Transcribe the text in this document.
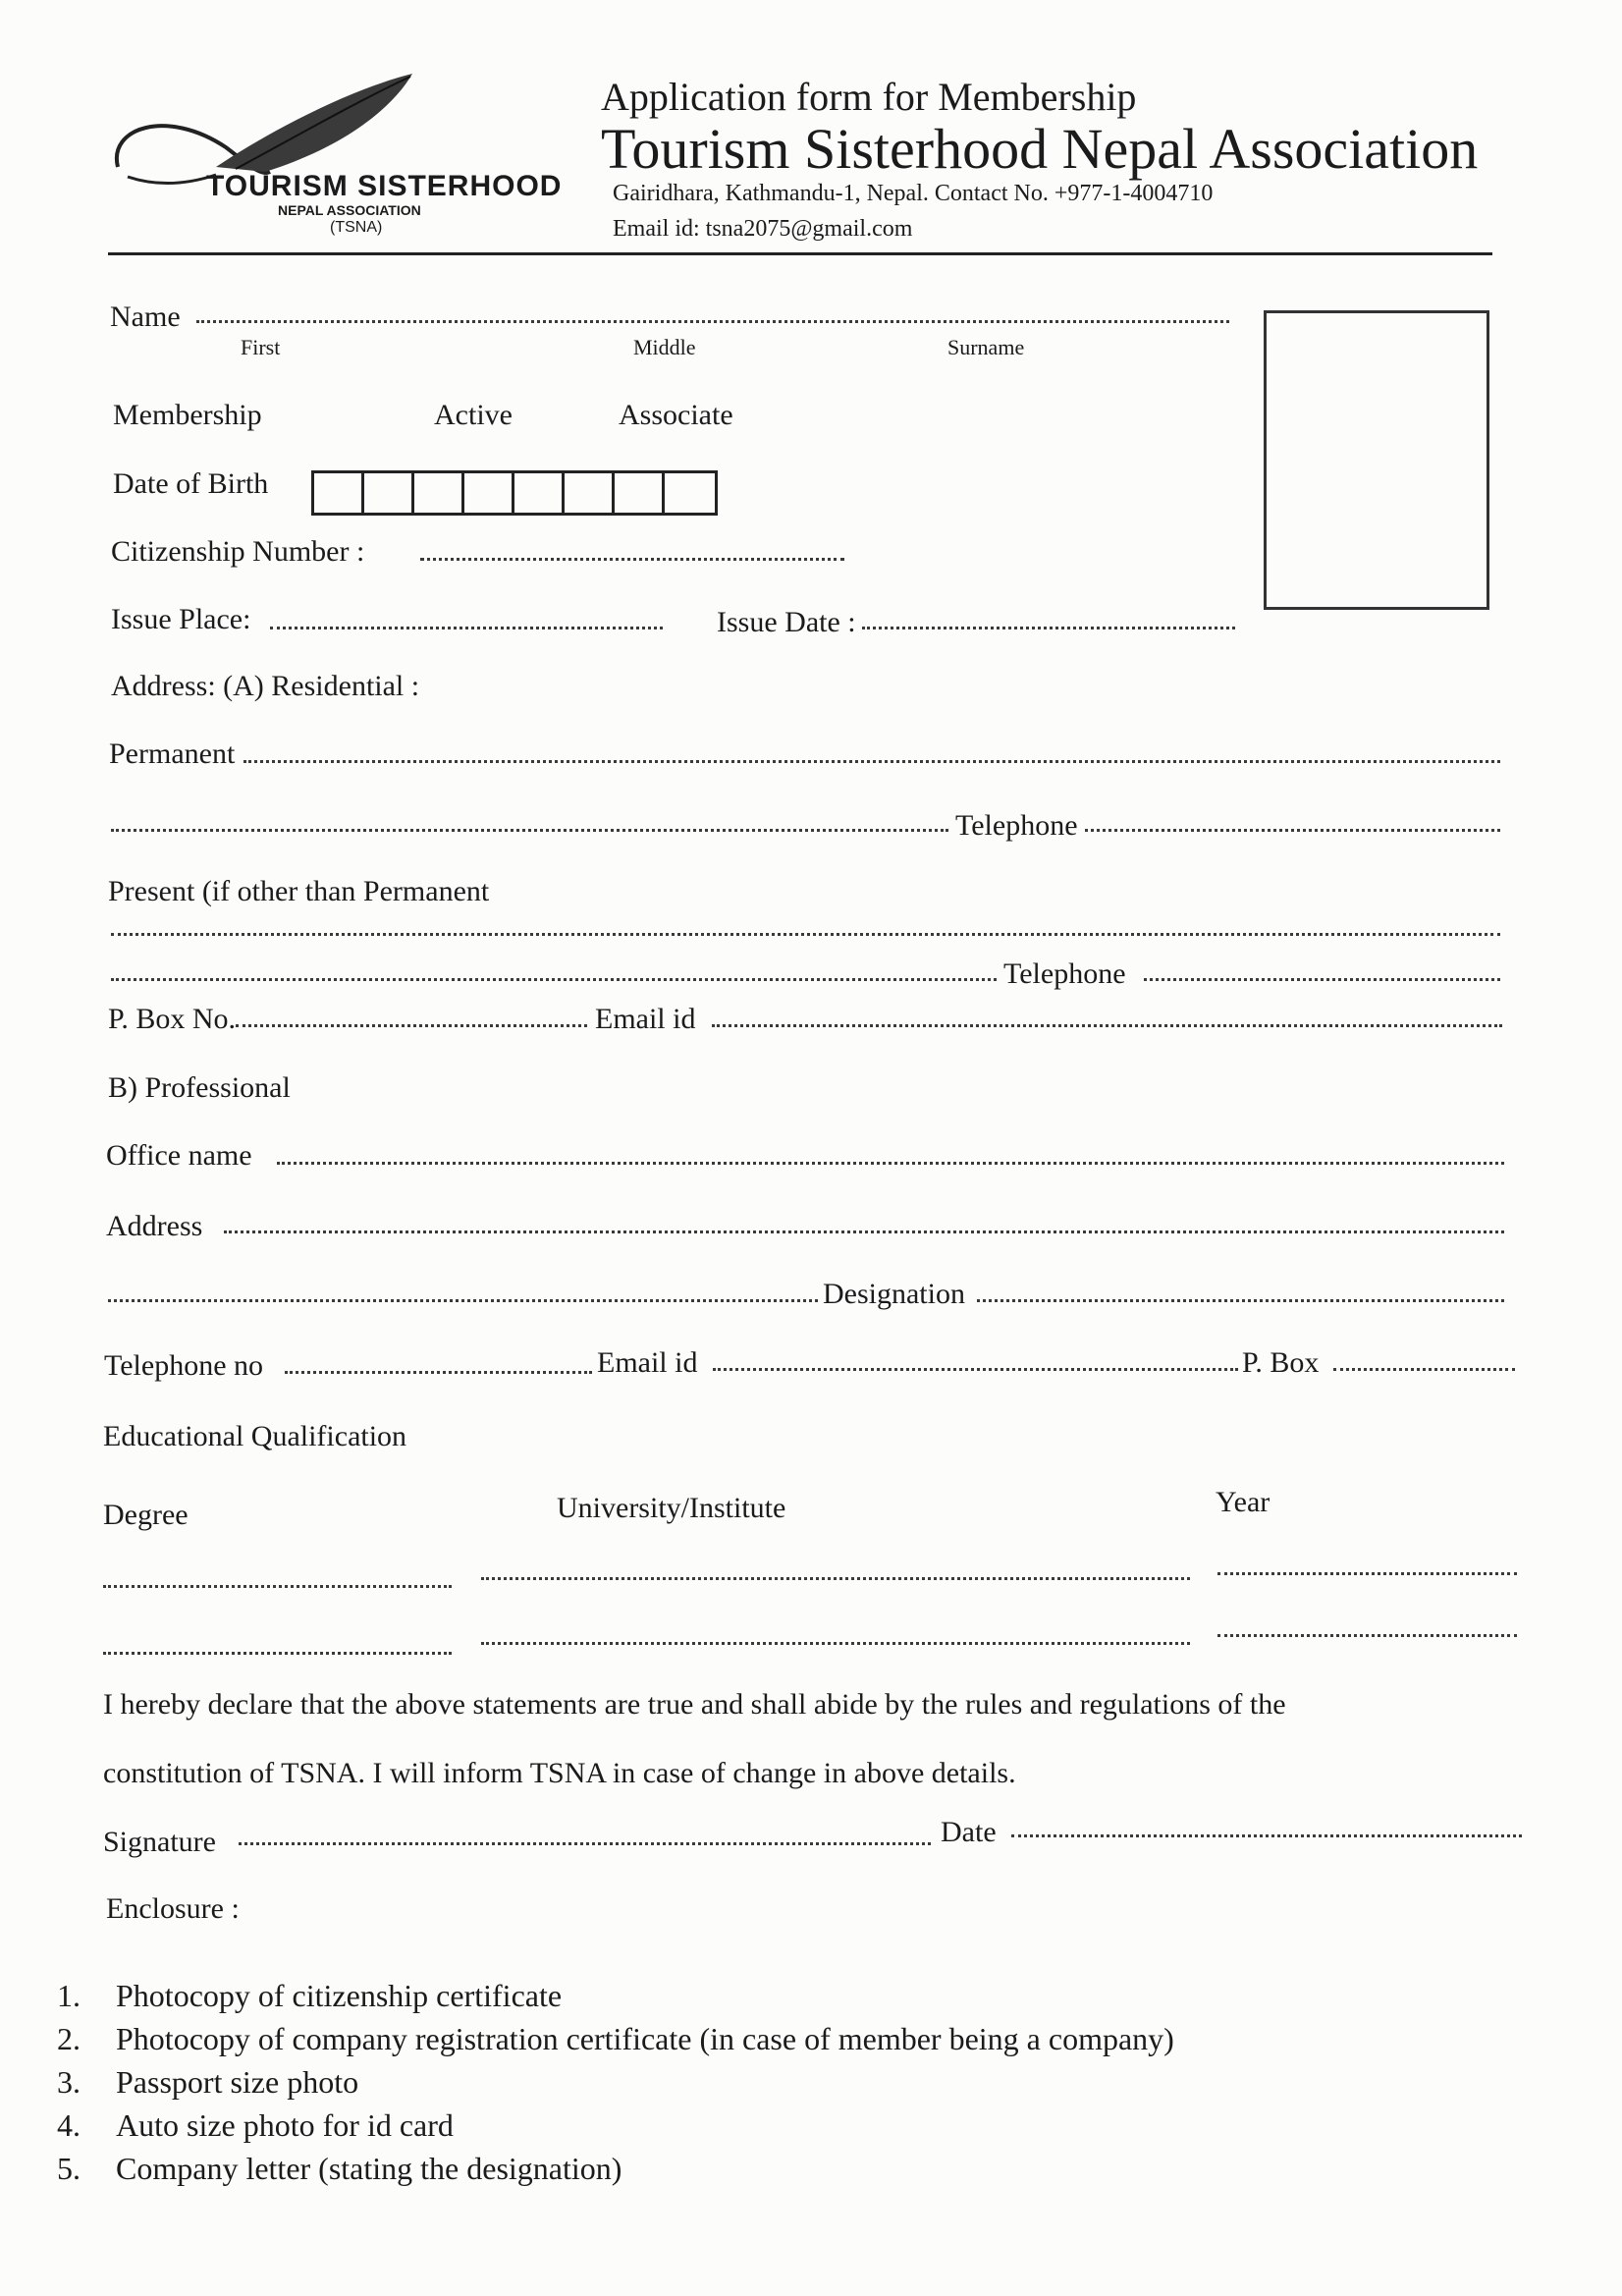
TOURISM SISTERHOOD
NEPAL ASSOCIATION
(TSNA)
Application form for Membership
Tourism Sisterhood Nepal Association
Gairidhara, Kathmandu-1, Nepal. Contact No. +977-1-4004710
Email id: tsna2075@gmail.com
Name
First	Middle	Surname
Membership	Active	Associate
Date of Birth
Citizenship Number :
Issue Place:	Issue Date :
Address: (A) Residential :
Permanent
Telephone
Present (if other than Permanent
Telephone
P. Box No.	Email id
B) Professional
Office name
Address
Designation
Telephone no	Email id	P. Box
Educational Qualification
Degree	University/Institute	Year
I hereby declare that the above statements are true and shall abide by the rules and regulations of the
constitution of TSNA. I will inform TSNA in case of change in above details.
Signature	Date
Enclosure :
1. Photocopy of citizenship certificate
2. Photocopy of company registration certificate (in case of member being a company)
3. Passport size photo
4. Auto size photo for id card
5. Company letter (stating the designation)
